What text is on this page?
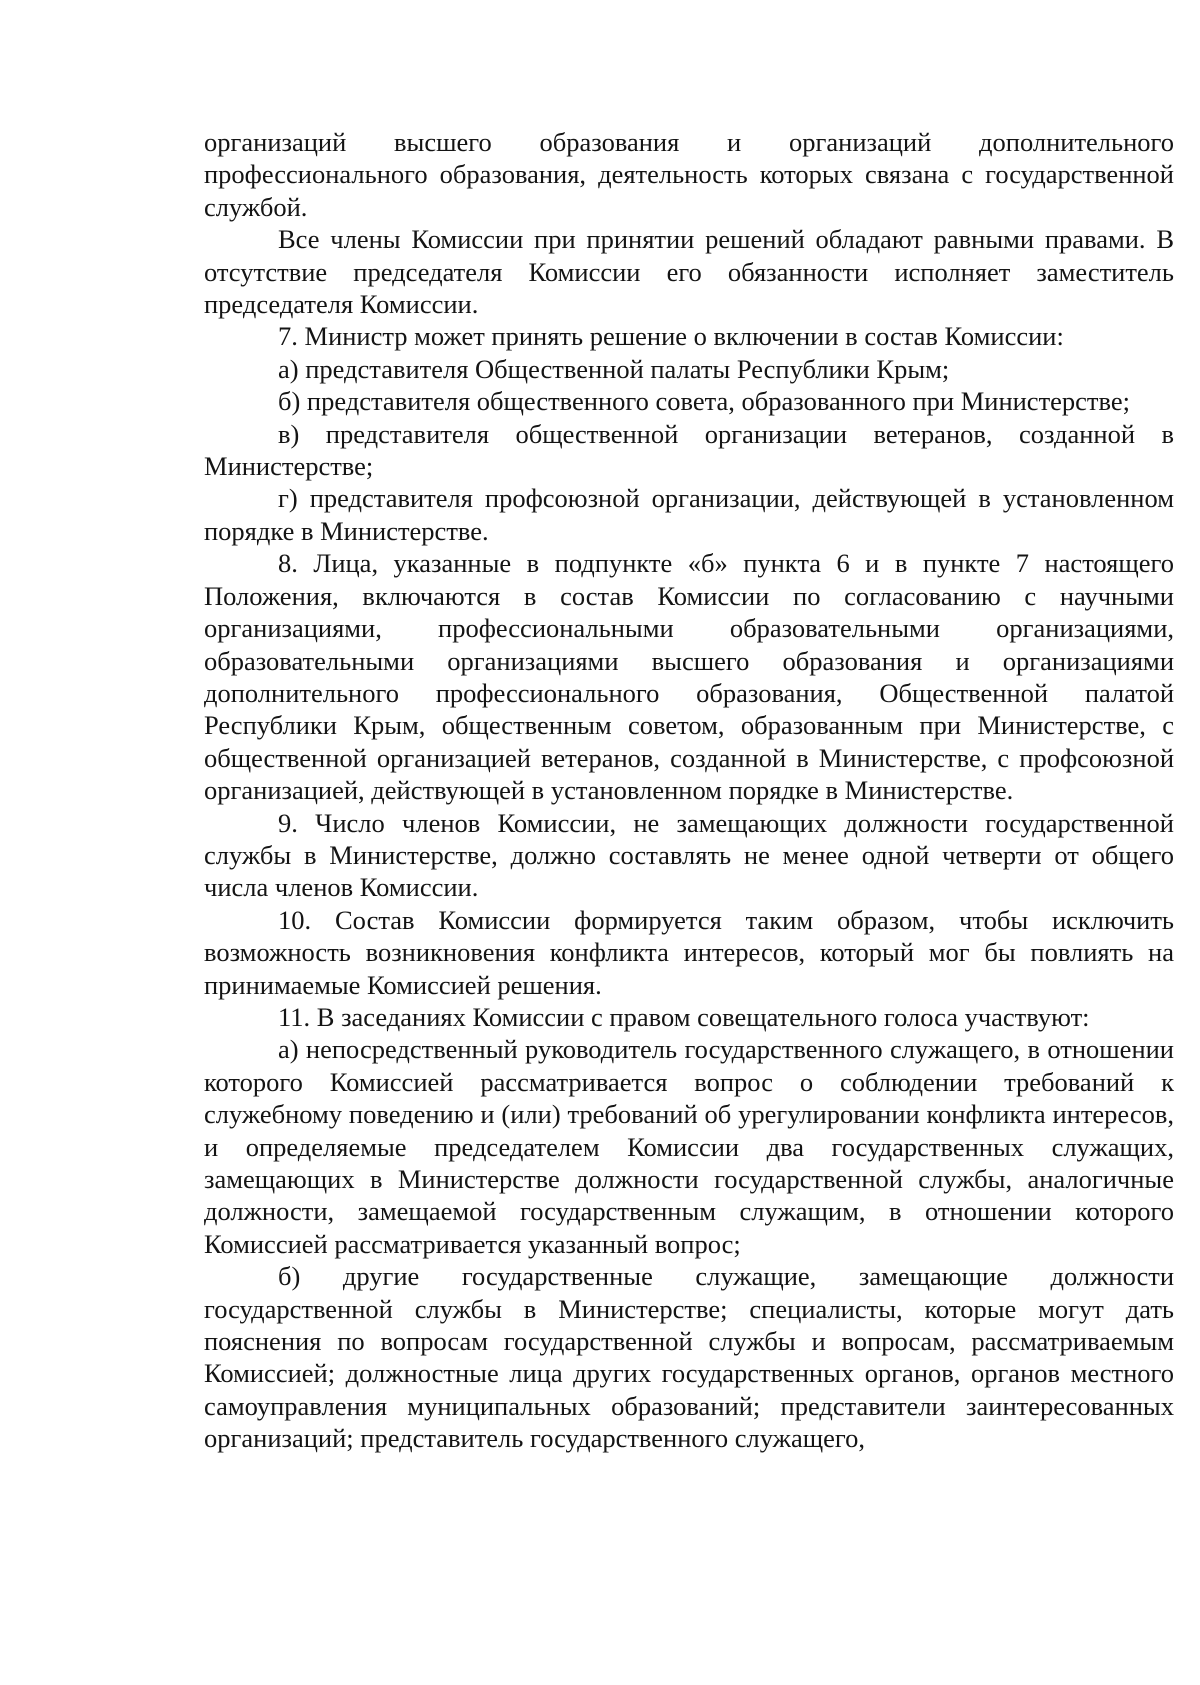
организаций высшего образования и организаций дополнительного профессионального образования, деятельность которых связана с государственной службой.

Все члены Комиссии при принятии решений обладают равными правами. В отсутствие председателя Комиссии его обязанности исполняет заместитель председателя Комиссии.

7. Министр может принять решение о включении в состав Комиссии:

а) представителя Общественной палаты Республики Крым;

б) представителя общественного совета, образованного при Министерстве;

в) представителя общественной организации ветеранов, созданной в Министерстве;

г) представителя профсоюзной организации, действующей в установленном порядке в Министерстве.

8. Лица, указанные в подпункте «б» пункта 6 и в пункте 7 настоящего Положения, включаются в состав Комиссии по согласованию с научными организациями, профессиональными образовательными организациями, образовательными организациями высшего образования и организациями дополнительного профессионального образования, Общественной палатой Республики Крым, общественным советом, образованным при Министерстве, с общественной организацией ветеранов, созданной в Министерстве, с профсоюзной организацией, действующей в установленном порядке в Министерстве.

9. Число членов Комиссии, не замещающих должности государственной службы в Министерстве, должно составлять не менее одной четверти от общего числа членов Комиссии.

10. Состав Комиссии формируется таким образом, чтобы исключить возможность возникновения конфликта интересов, который мог бы повлиять на принимаемые Комиссией решения.

11. В заседаниях Комиссии с правом совещательного голоса участвуют:

а) непосредственный руководитель государственного служащего, в отношении которого Комиссией рассматривается вопрос о соблюдении требований к служебному поведению и (или) требований об урегулировании конфликта интересов, и определяемые председателем Комиссии два государственных служащих, замещающих в Министерстве должности государственной службы, аналогичные должности, замещаемой государственным служащим, в отношении которого Комиссией рассматривается указанный вопрос;

б) другие государственные служащие, замещающие должности государственной службы в Министерстве; специалисты, которые могут дать пояснения по вопросам государственной службы и вопросам, рассматриваемым Комиссией; должностные лица других государственных органов, органов местного самоуправления муниципальных образований; представители заинтересованных организаций; представитель государственного служащего,
